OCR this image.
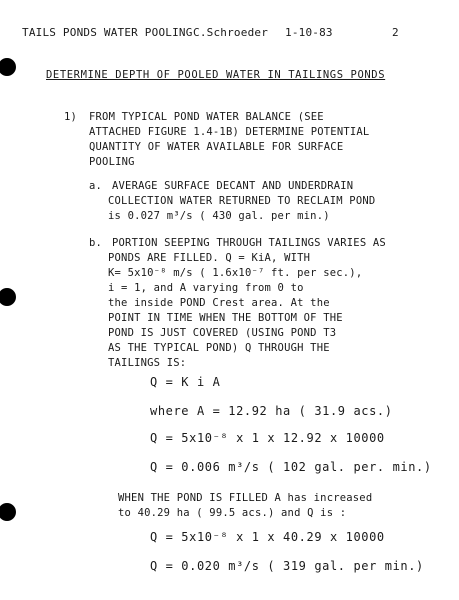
TAILS PONDS WATER POOLING C.Schroeder 1-10-83	2
DETERMINE DEPTH OF POOLED WATER IN TAILINGS PONDS
1) FROM TYPICAL POND WATER BALANCE (SEE
ATTACHED FIGURE 1.4-1B) DETERMINE POTENTIAL
QUANTITY OF WATER AVAILABLE FOR SURFACE
POOLING
a. AVERAGE SURFACE DECANT AND UNDERDRAIN
COLLECTION WATER RETURNED TO RECLAIM POND
is 0.027 m³/s ( 430 gal. per min.)
b. PORTION SEEPING THROUGH TAILINGS VARIES AS
PONDS ARE FILLED. Q = KiA, WITH
K= 5x10⁻⁸ m/s ( 1.6x10⁻⁷ ft. per sec.),
i = 1, and A varying from 0 to
the inside POND Crest area. At the
POINT IN TIME WHEN THE BOTTOM OF THE
POND IS JUST COVERED (USING POND T3
AS THE TYPICAL POND) Q THROUGH THE
TAILINGS IS:
Q = K i A
where A = 12.92 ha ( 31.9 acs.)
Q = 5x10⁻⁸ x 1 x 12.92 x 10000
Q = 0.006 m³/s ( 102 gal. per. min.)
WHEN THE POND IS FILLED A has increased
to 40.29 ha ( 99.5 acs.) and Q is :
Q = 5x10⁻⁸ x 1 x 40.29 x 10000
Q = 0.020 m³/s ( 319 gal. per min.)
